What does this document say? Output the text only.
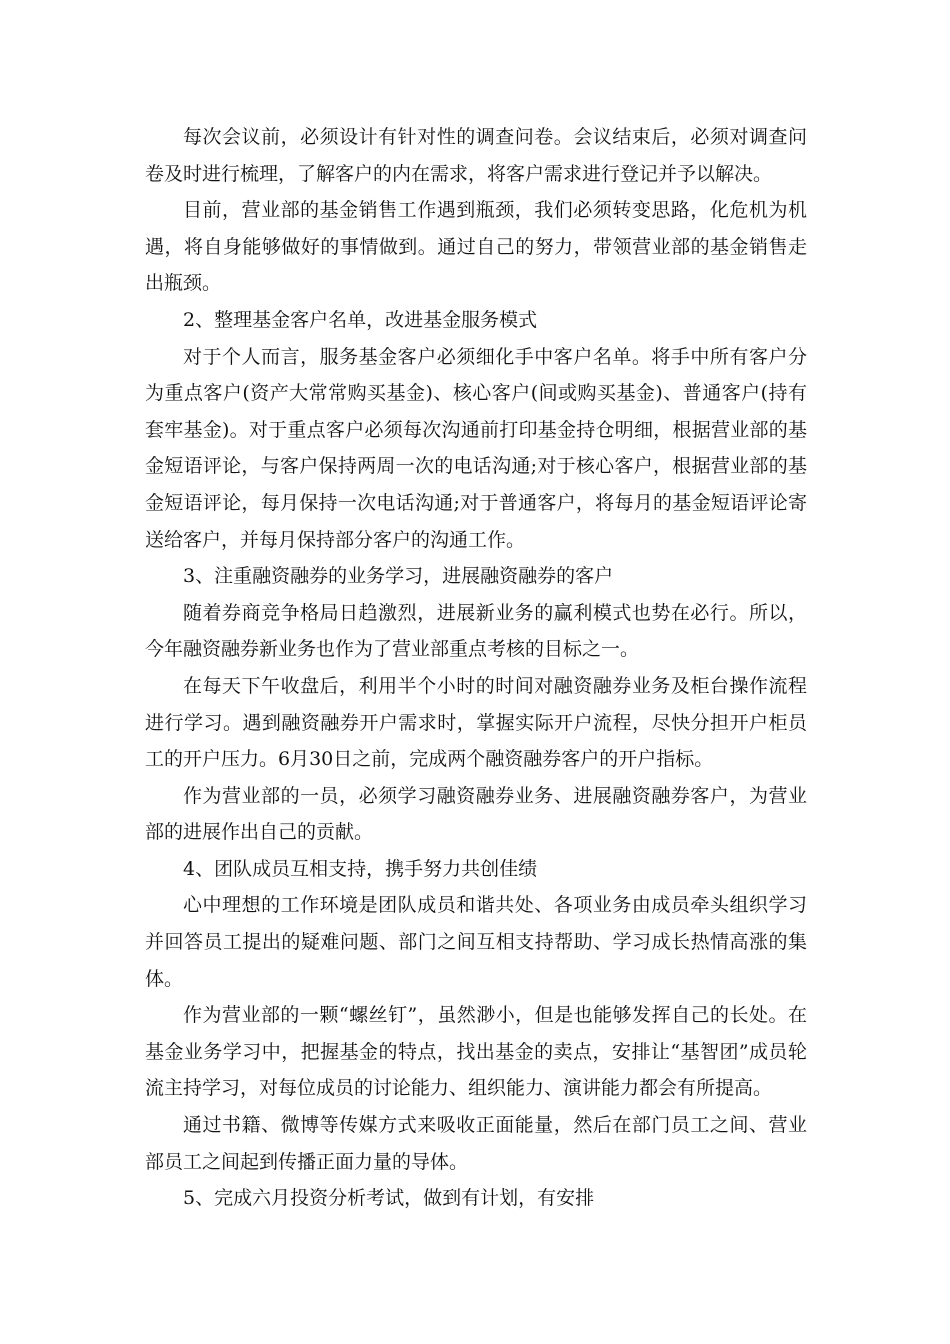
每次会议前，必须设计有针对性的调查问卷。会议结束后，必须对调查问卷及时进行梳理，了解客户的内在需求，将客户需求进行登记并予以解决。

目前，营业部的基金销售工作遇到瓶颈，我们必须转变思路，化危机为机遇，将自身能够做好的事情做到。通过自己的努力，带领营业部的基金销售走出瓶颈。

2、整理基金客户名单，改进基金服务模式

对于个人而言，服务基金客户必须细化手中客户名单。将手中所有客户分为重点客户(资产大常常购买基金)、核心客户(间或购买基金)、普通客户(持有套牢基金)。对于重点客户必须每次沟通前打印基金持仓明细，根据营业部的基金短语评论，与客户保持两周一次的电话沟通;对于核心客户，根据营业部的基金短语评论，每月保持一次电话沟通;对于普通客户，将每月的基金短语评论寄送给客户，并每月保持部分客户的沟通工作。

3、注重融资融券的业务学习，进展融资融券的客户

随着券商竞争格局日趋激烈，进展新业务的赢利模式也势在必行。所以，今年融资融券新业务也作为了营业部重点考核的目标之一。

在每天下午收盘后，利用半个小时的时间对融资融券业务及柜台操作流程进行学习。遇到融资融券开户需求时，掌握实际开户流程，尽快分担开户柜员工的开户压力。6月30日之前，完成两个融资融券客户的开户指标。

作为营业部的一员，必须学习融资融券业务、进展融资融券客户，为营业部的进展作出自己的贡献。

4、团队成员互相支持，携手努力共创佳绩

心中理想的工作环境是团队成员和谐共处、各项业务由成员牵头组织学习并回答员工提出的疑难问题、部门之间互相支持帮助、学习成长热情高涨的集体。

作为营业部的一颗“螺丝钉”，虽然渺小，但是也能够发挥自己的长处。在基金业务学习中，把握基金的特点，找出基金的卖点，安排让“基智团”成员轮流主持学习，对每位成员的讨论能力、组织能力、演讲能力都会有所提高。

通过书籍、微博等传媒方式来吸收正面能量，然后在部门员工之间、营业部员工之间起到传播正面力量的导体。

5、完成六月投资分析考试，做到有计划，有安排
